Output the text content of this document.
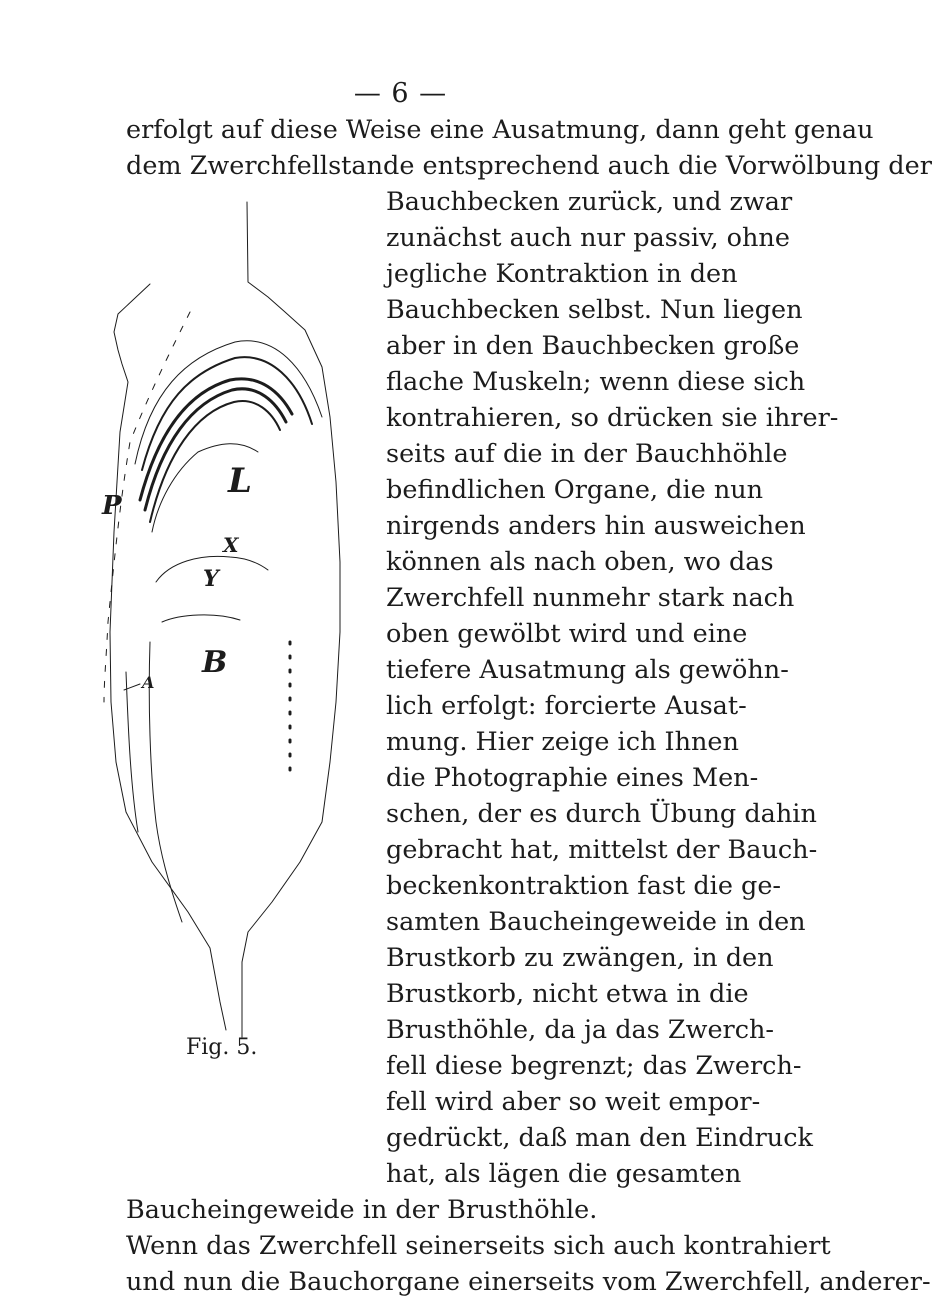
— 6 —
erfolgt auf diese Weise eine Ausatmung, dann geht genau
dem Zwerchfellstande entsprechend auch die Vorwölbung der
Bauchbecken zurück, und zwar
zunächst auch nur passiv, ohne
jegliche Kontraktion in den
Bauchbecken selbst. Nun liegen
aber in den Bauchbecken große
flache Muskeln; wenn diese sich
kontrahieren, so drücken sie ihrer-
seits auf die in der Bauchhöhle
befindlichen Organe, die nun
nirgends anders hin ausweichen
können als nach oben, wo das
Zwerchfell nunmehr stark nach
oben gewölbt wird und eine
tiefere Ausatmung als gewöhn-
lich erfolgt: forcierte Ausat-
mung. Hier zeige ich Ihnen
die Photographie eines Men-
schen, der es durch Übung dahin
gebracht hat, mittelst der Bauch-
beckenkontraktion fast die ge-
samten Baucheingeweide in den
Brustkorb zu zwängen, in den
Brustkorb, nicht etwa in die
Brusthöhle, da ja das Zwerch-
fell diese begrenzt; das Zwerch-
fell wird aber so weit empor-
gedrückt, daß man den Eindruck
hat, als lägen die gesamten
Baucheingeweide in der Brusthöhle.
Wenn das Zwerchfell seinerseits sich auch kontrahiert
und nun die Bauchorgane einerseits vom Zwerchfell, anderer-
L
P
X
Y
B
A
Fig. 5.
